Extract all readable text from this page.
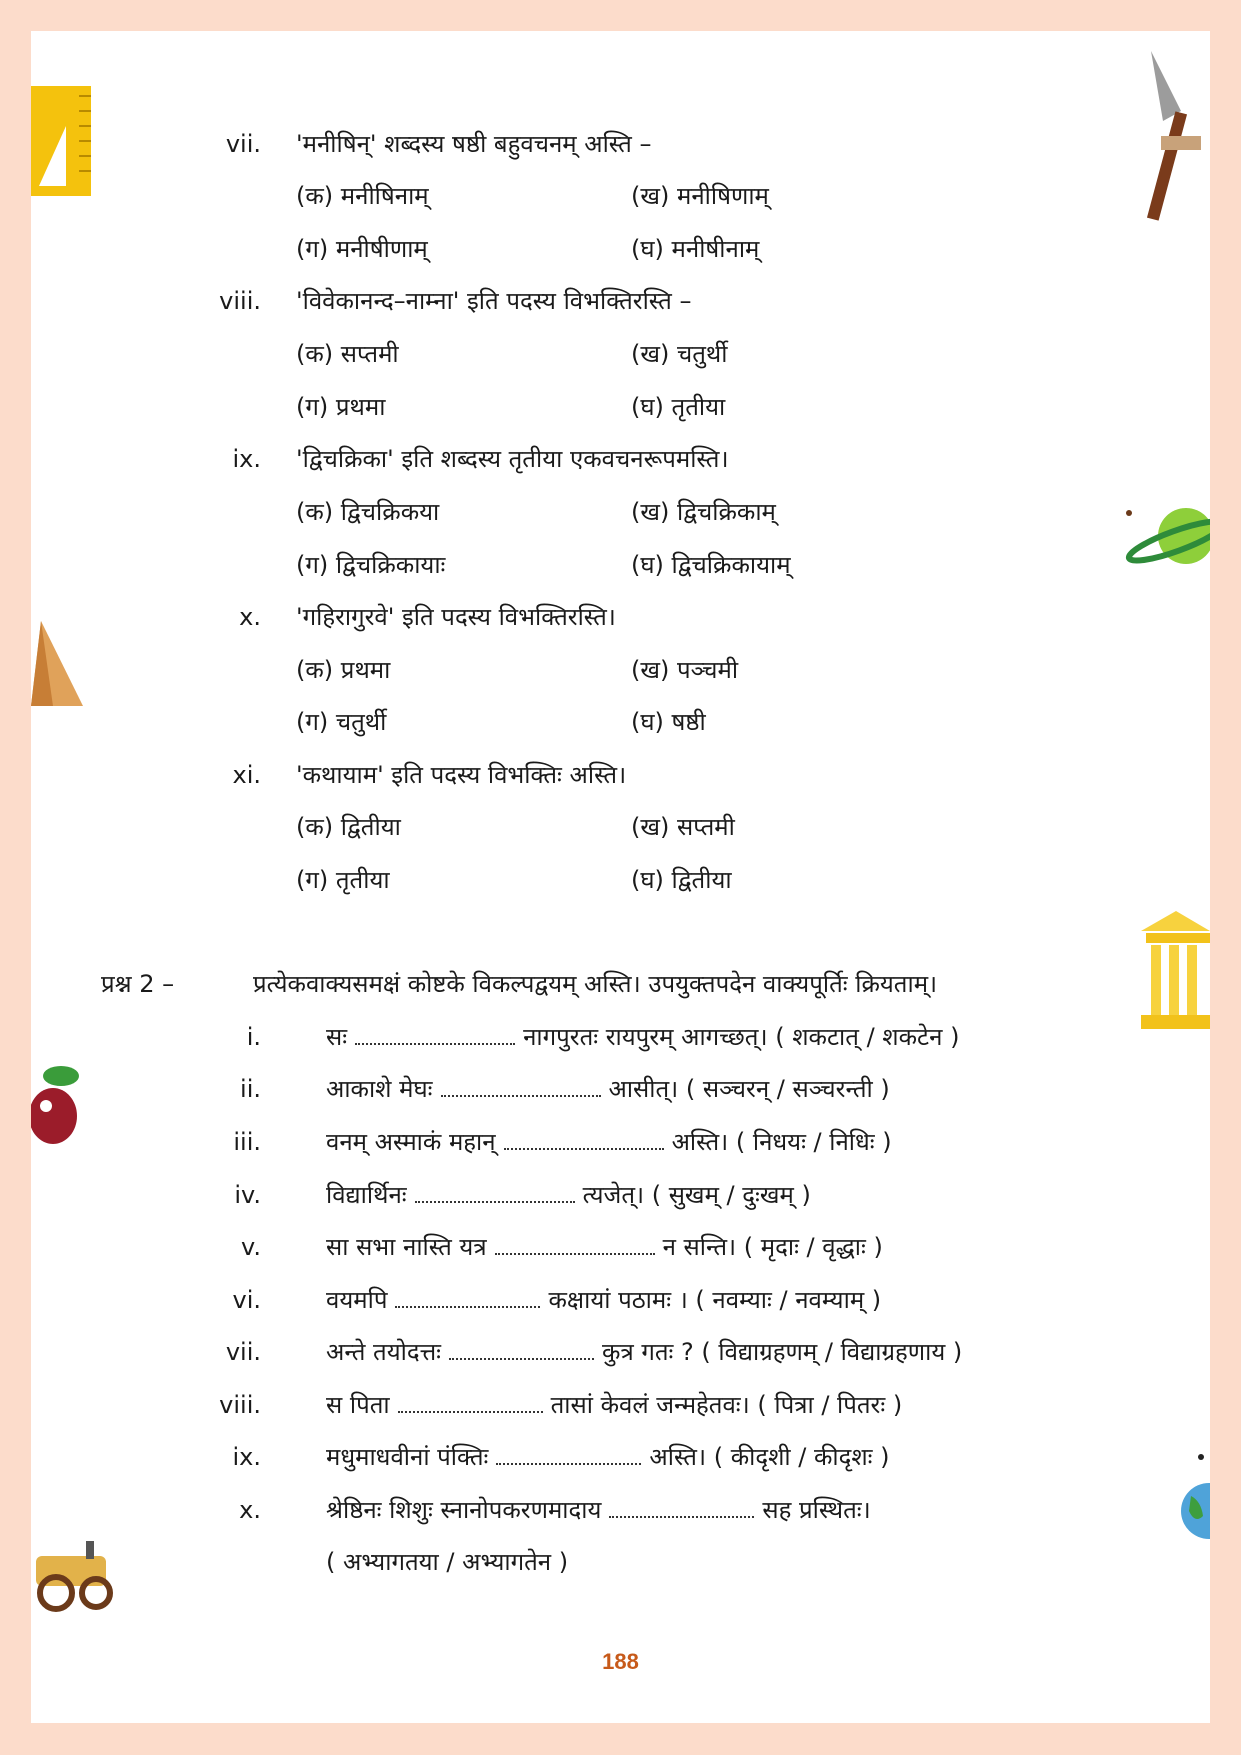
vii. 'मनीषिन्' शब्दस्य षष्ठी बहुवचनम् अस्ति –
(क) मनीषिनाम्	(ख) मनीषिणाम्
(ग) मनीषीणाम्	(घ) मनीषीनाम्
viii. 'विवेकानन्द–नाम्ना' इति पदस्य विभक्तिरस्ति –
(क) सप्तमी	(ख) चतुर्थी
(ग) प्रथमा	(घ) तृतीया
ix. 'द्विचक्रिका' इति शब्दस्य तृतीया एकवचनरूपमस्ति।
(क) द्विचक्रिकया	(ख) द्विचक्रिकाम्
(ग) द्विचक्रिकायाः	(घ) द्विचक्रिकायाम्
x. 'गहिरागुरवे' इति पदस्य विभक्तिरस्ति।
(क) प्रथमा	(ख) पञ्चमी
(ग) चतुर्थी	(घ) षष्ठी
xi. 'कथायाम' इति पदस्य विभक्तिः अस्ति।
(क) द्वितीया	(ख) सप्तमी
(ग) तृतीया	(घ) द्वितीया
प्रश्न 2 –	प्रत्येकवाक्यसमक्षं कोष्टके विकल्पद्वयम् अस्ति। उपयुक्तपदेन वाक्यपूर्तिः क्रियताम्।
i.	सः	नागपुरतः रायपुरम् आगच्छत्। ( शकटात् / शकटेन )
ii.	आकाशे मेघः	आसीत्। ( सञ्चरन् / सञ्चरन्ती )
iii.	वनम् अस्माकं महान्	अस्ति। ( निधयः / निधिः )
iv.	विद्यार्थिनः	त्यजेत्। ( सुखम् / दुःखम् )
v.	सा सभा नास्ति यत्र	न सन्ति। ( मृदाः / वृद्धाः )
vi.	वयमपि	कक्षायां पठामः । ( नवम्याः / नवम्याम् )
vii.	अन्ते तयोदत्तः	कुत्र गतः ? ( विद्याग्रहणम् / विद्याग्रहणाय )
viii.	स पिता	तासां केवलं जन्महेतवः। ( पित्रा / पितरः )
ix.	मधुमाधवीनां पंक्तिः	अस्ति। ( कीदृशी / कीदृशः )
x.	श्रेष्ठिनः शिशुः स्नानोपकरणमादाय	सह प्रस्थितः।
( अभ्यागतया / अभ्यागतेन )
188
